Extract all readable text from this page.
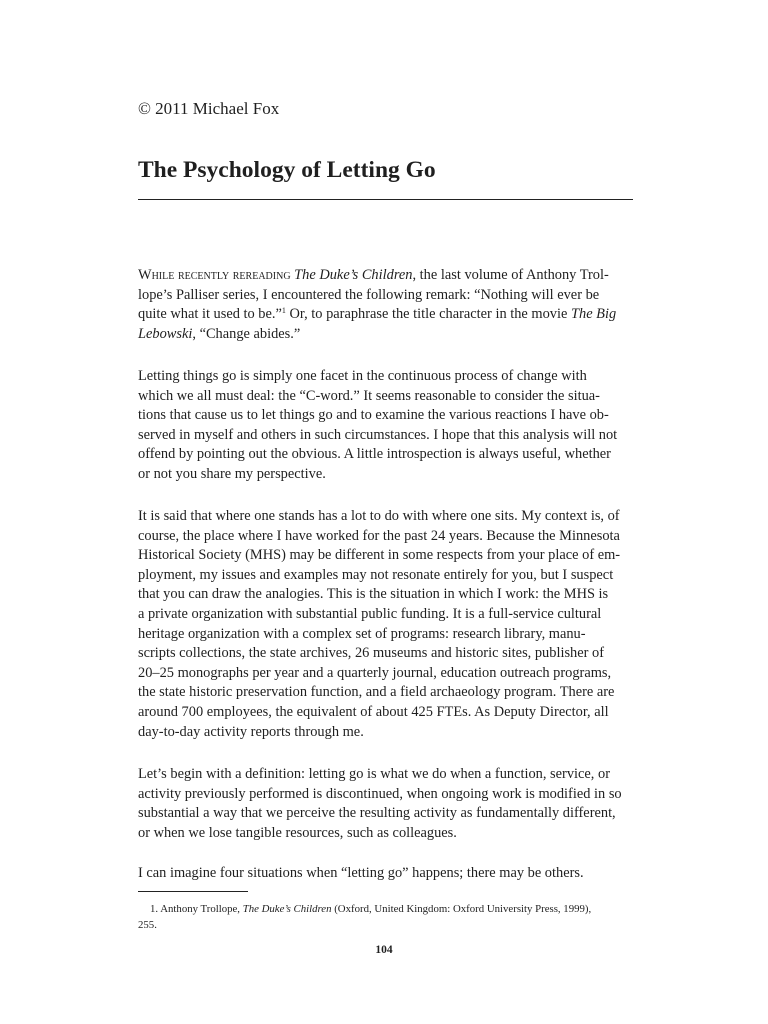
© 2011 Michael Fox
The Psychology of Letting Go
While recently rereading The Duke’s Children, the last volume of Anthony Trol-
lope’s Palliser series, I encountered the following remark: “Nothing will ever be
quite what it used to be.”$^1$ Or, to paraphrase the title character in the movie The Big
Lebowski, “Change abides.”
Letting things go is simply one facet in the continuous process of change with
which we all must deal: the “C-word.” It seems reasonable to consider the situa-
tions that cause us to let things go and to examine the various reactions I have ob-
served in myself and others in such circumstances. I hope that this analysis will not
offend by pointing out the obvious. A little introspection is always useful, whether
or not you share my perspective.
It is said that where one stands has a lot to do with where one sits. My context is, of
course, the place where I have worked for the past 24 years. Because the Minnesota
Historical Society (MHS) may be different in some respects from your place of em-
ployment, my issues and examples may not resonate entirely for you, but I suspect
that you can draw the analogies. This is the situation in which I work: the MHS is
a private organization with substantial public funding. It is a full-service cultural
heritage organization with a complex set of programs: research library, manu-
scripts collections, the state archives, 26 museums and historic sites, publisher of
20–25 monographs per year and a quarterly journal, education outreach programs,
the state historic preservation function, and a field archaeology program. There are
around 700 employees, the equivalent of about 425 FTEs. As Deputy Director, all
day-to-day activity reports through me.
Let’s begin with a definition: letting go is what we do when a function, service, or
activity previously performed is discontinued, when ongoing work is modified in so
substantial a way that we perceive the resulting activity as fundamentally different,
or when we lose tangible resources, such as colleagues.
I can imagine four situations when “letting go” happens; there may be others.
1. Anthony Trollope, The Duke’s Children (Oxford, United Kingdom: Oxford University Press, 1999),
255.
104
